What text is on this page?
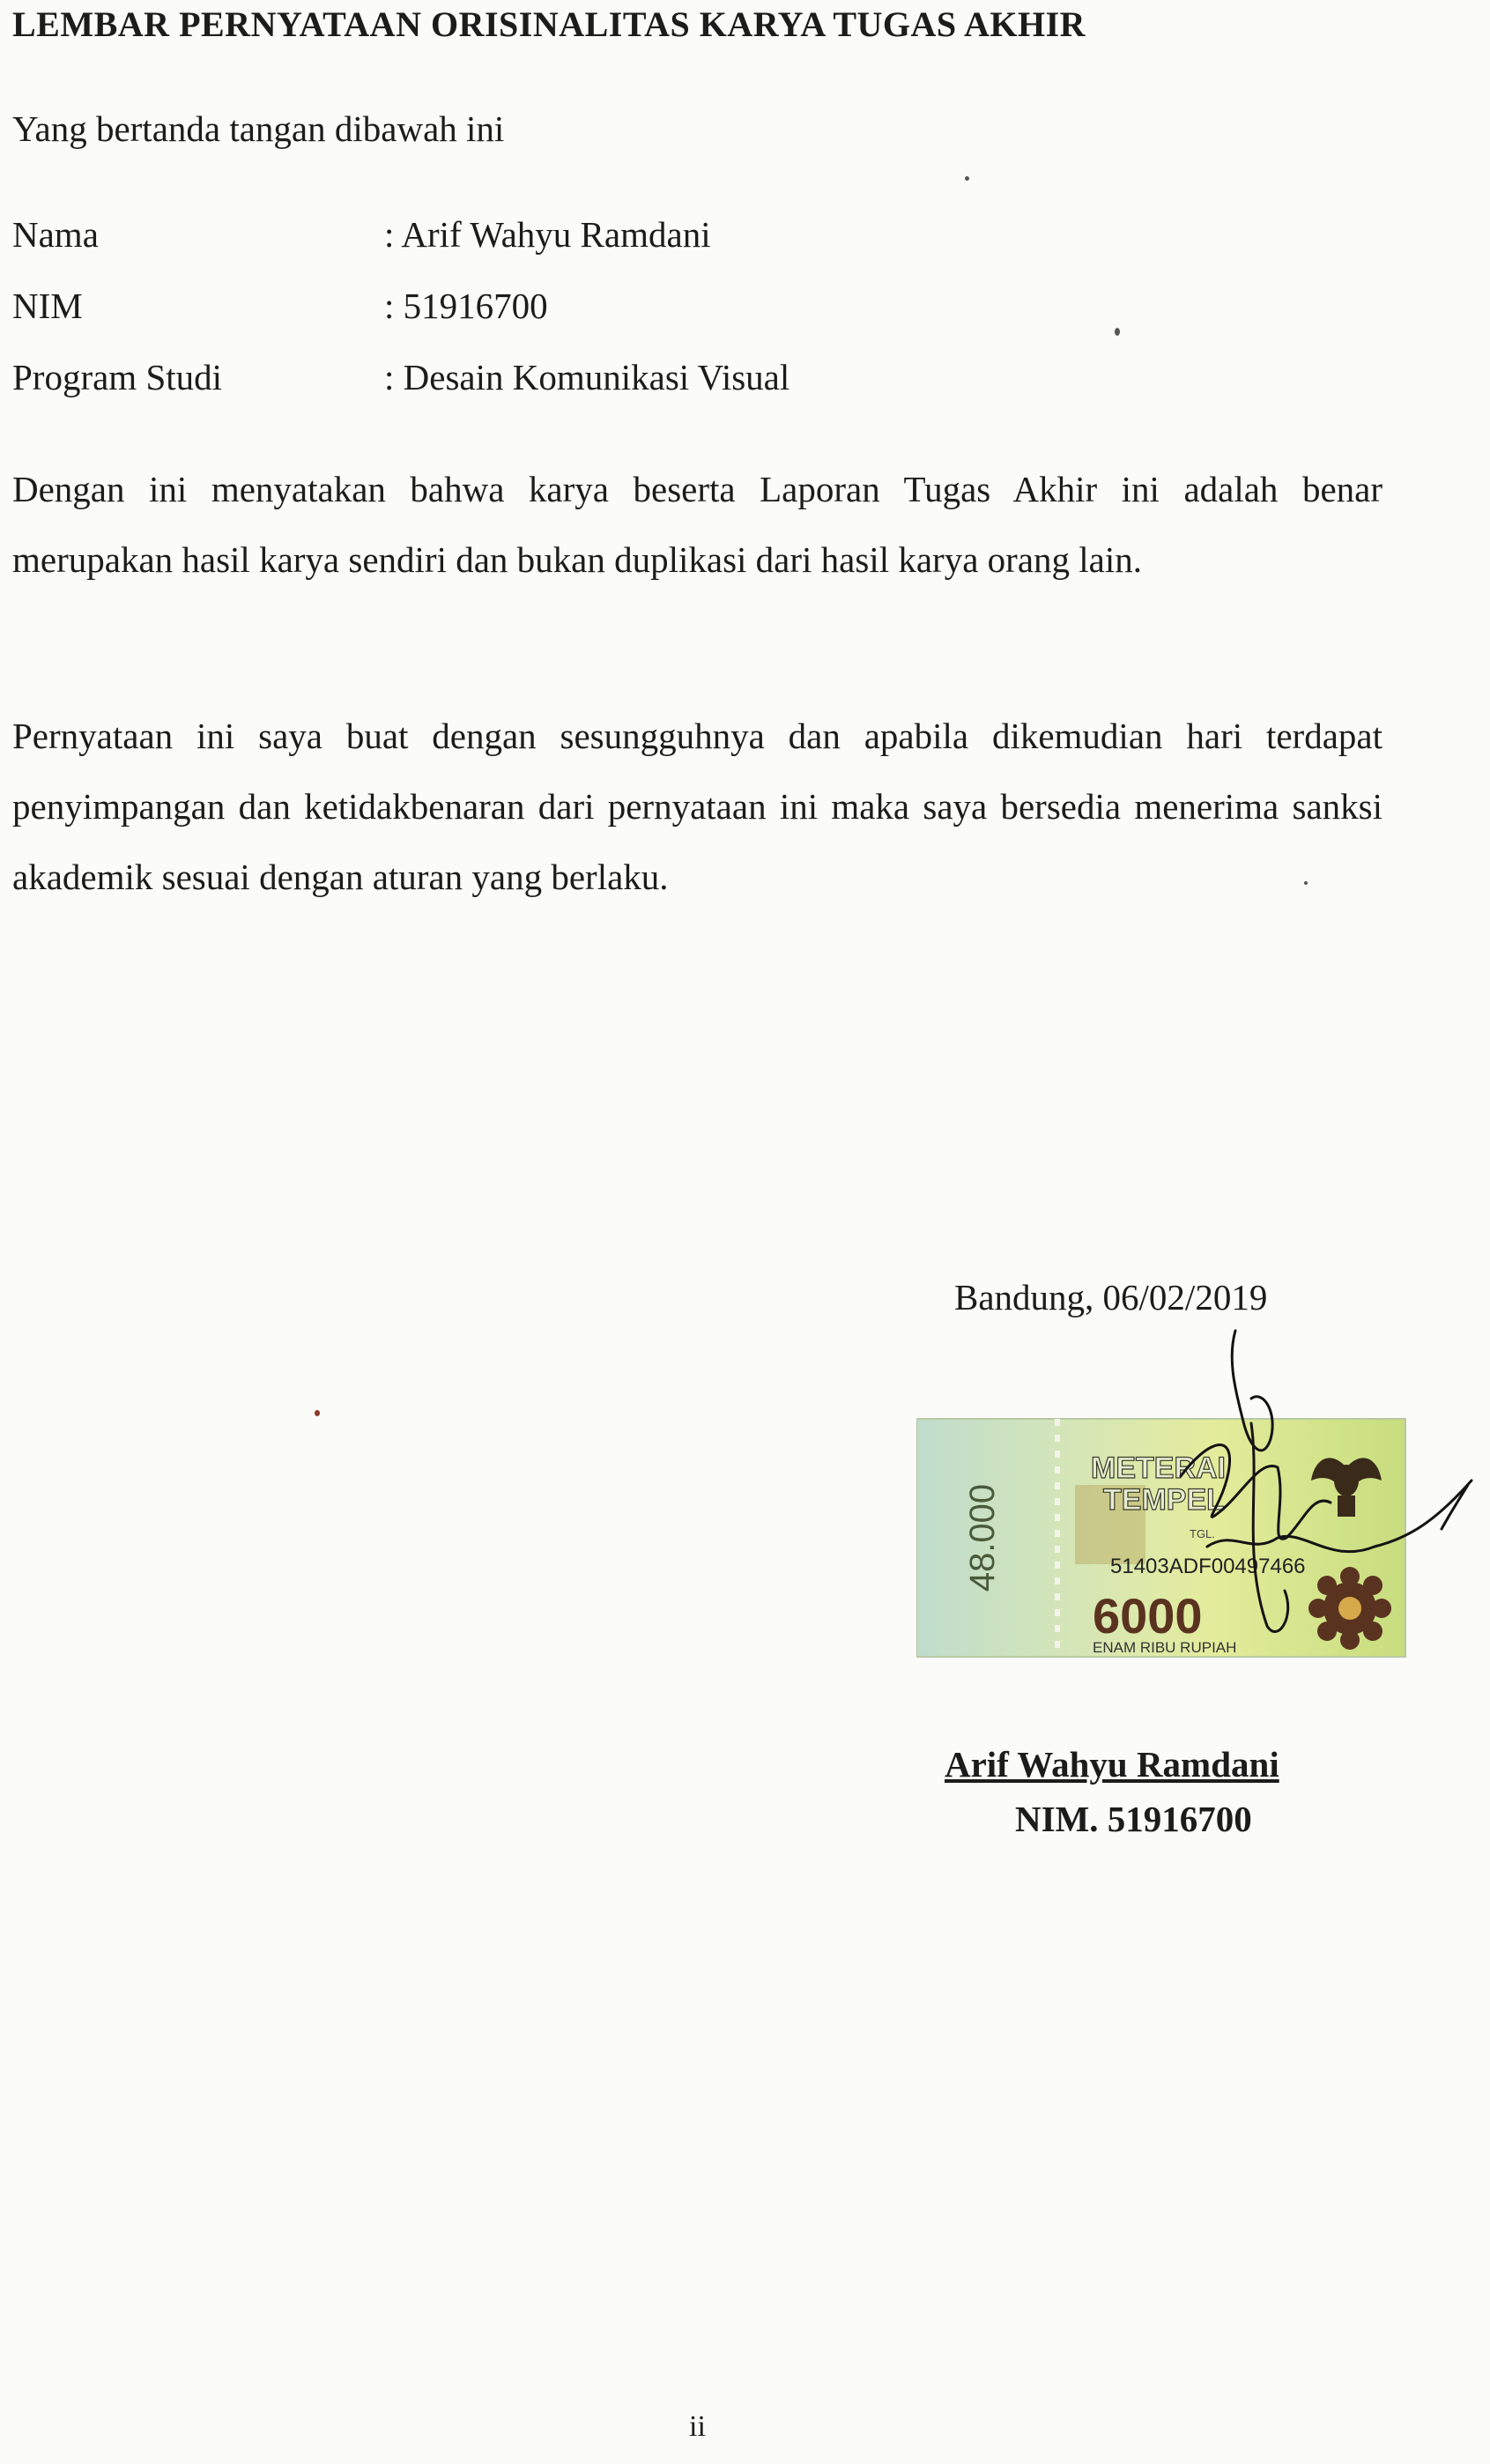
LEMBAR PERNYATAAN ORISINALITAS KARYA TUGAS AKHIR
Yang bertanda tangan dibawah ini
Nama	: Arif Wahyu Ramdani
NIM	: 51916700
Program Studi	: Desain Komunikasi Visual
Dengan ini menyatakan bahwa karya beserta Laporan Tugas Akhir ini adalah benar merupakan hasil karya sendiri dan bukan duplikasi dari hasil karya orang lain.
Pernyataan ini saya buat dengan sesungguhnya dan apabila dikemudian hari terdapat penyimpangan dan ketidakbenaran dari pernyataan ini maka saya bersedia menerima sanksi akademik sesuai dengan aturan yang berlaku.
Bandung, 06/02/2019
48.000
METERAI
TEMPEL
TGL.
51403ADF00497466
6000
ENAM RIBU RUPIAH
Arif Wahyu Ramdani
NIM. 51916700
ii
